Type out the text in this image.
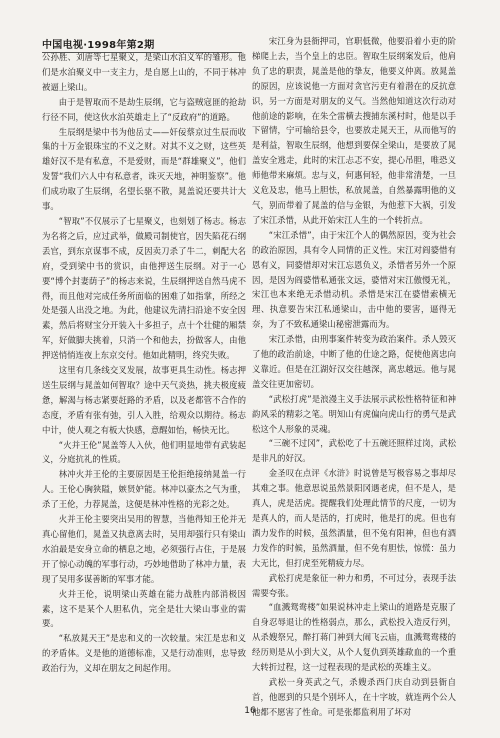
中国电视·1998年第2期

公孙胜、刘唐等七星聚义，是梁山水泊义军的雏形。他们是水泊聚义中一支主力，是自愿上山的，不同于林冲被逼上梁山。

由于是智取而不是劫生辰纲，它与盗贼寇匪的抢劫行径不同，使这伙水泊英雄走上了“反政府”的道路。

生辰纲是梁中书为他岳丈——奸佞蔡京过生辰而收集的十万金银珠宝的不义之财。对其不义之财，这些英雄好汉不是有私意，不是爱财，而是“群雄聚义”，他们发誓“我们六人中有私意者，诛灭天地，神明鉴察”。他们成功取了生辰纲，名望长驱不散，晁盖说还要共计大事。

“智取”不仅展示了七星聚义，也刻划了杨志。杨志为名将之后，应过武举，做殿司制使官，因失陷花石纲丢官，到东京谋事不成，反因卖刀杀了牛二，刺配大名府，受到梁中书的赏识，由他押送生辰纲。对于一心要“博个封妻荫子”的杨志来说，生辰纲押送自然马虎不得，而且他对完成任务所面临的困难了如指掌，所经之处是强人出没之地。为此，他建议先清扫沿途不安全因素，然后将财宝分开装入十多担子，点十个壮健的厢禁军，好做脚夫挑着，只消一个和他去，扮做客人，由他押送悄悄连夜上东京交付。他如此精明，终究失败。

这里有几条线交叉发展，故事更具生动性。杨志押送生辰纲与晁盖如何智取？途中天气炎热，挑夫极度疲惫，解渴与杨志紧要赶路的矛盾，以及老都管不合作的态度，矛盾有张有弛，引人入胜，给观众以期待。杨志中计，使人观之有板大快感，意醒如怡，畅快无比。

“火并王伦”晁盖等人入伙，他们明显地带有武装起义，分庭抗礼的性质。

林冲火并王伦的主要原因是王伦拒绝接纳晁盖一行人。王伦心胸狭隘，嫉贤妒能。林冲以豪杰之气为重，杀了王伦，力荐晁盖，这便是林冲性格的光彩之处。

火并王伦主要突出吴用的智慧，当他得知王伦并无真心留他们，晁盖又执意离去时，吴用却强行只有梁山水泊最是安身立命的栖息之地，必须强行占住，于是展开了惊心动魄的军事行动，巧妙地借助了林冲力量，表现了吴用多谋善断的军事才能。

火并王伦，说明梁山英雄在能力战胜内部消极因素，这不是某个人胆私仇，完全是壮大梁山事业的需要。

“私放晁天王”是忠和义的一次较量。宋江是忠和义的矛盾体。义是他的道德标准，又是行动准则，忠导致政治行为，义却在朋友之间起作用。

宋江身为县衙押司，官职低微，他要沿着小吏的阶梯爬上去，当个皇上的忠臣。智取生辰纲案发后，他肩负了忠的职责，晁盖是他的挚友，他要义仲离。放晁盖的原因，应该说他一方面对贪官污吏有着潜在的反抗意识，另一方面是对朋友的义气。当然他知道这次行动对他前途的影响，在朱仝雷横去搜捕东溪村时，他是以手下留情，宁可输给县令，也要放走晁天王，从而他写的是利益，智取生辰纲，他想到要保全梁山，是要放了晁盖安全逃走，此时的宋江忐忑不安，提心吊胆，唯恐义师他带来麻烦。忠与义，何惠何轻，他非常清楚，一旦义危及忠，他马上胆怯，私放晁盖，自然暴露明他的义气，别而带着了晁盖的信与金银，为他惹下大祸，引发了宋江杀惜，从此开始宋江人生的一个转折点。

“宋江杀惜”，由于宋江个人的偶然原因，变为社会的政治原因，具有令人同情的正义性。宋江对阎婆惜有恩有义，同婆惜却对宋江忘恩负义，杀惜者另外一个原因，是因为阎婆惜私通张文远，婆惜对宋江傲慢无礼，宋江也本来绝无杀惜动机。杀惜是宋江在婆惜索横无理、执意要告宋江私通梁山，击中他的要害，逼得无奈，为了不致私通梁山秘密泄露而为。

宋江杀惜，由刑事案件转变为政治案件。杀人毁灭了他的政治前途，中断了他的仕途之路，促使他离忠向义靠近。但是在江湖好汉交往越深，离忠越远。他与晁盖交往更加密切。

“武松打虎”是浪漫主义手法展示武松性格特征和神韵风采的精彩之笔。明知山有虎偏向虎山行的勇气是武松这个人形象的灵魂。

“三碗不过冈”，武松吃了十五碗还照样过岗，武松是非凡的好汉。

金圣叹在点评《水浒》时说曾是写极容易之事却尽其难之事。他意思说虽然景阳冈遇老虎，但不是人，是真人，虎是活虎。提醒我们处理此情节的尺度，一切为是真人的，而人是活的，打虎时，他是打的虎。但也有酒力发作的时候，虽然酒量，但不兔有阳神，但也有酒力发作的时候，虽然酒量，但不免有胆怯，惊慌：虽力大无比，但打虎至死精疲力尽。

武松打虎是象征一种力和勇，不可过分，表现手法需要夸张。

“血溅鸳鸯楼”如果说林冲走上梁山的道路是克服了自身忍辱退让的性格弱点，那么，武松投入造反行列，从杀嫂祭兄，醉打蒋门神到大闹飞云庙，血溅鸳鸯楼的经历则是从小到大义，从个人复仇到英雄歃血的一个重大转折过程，这一过程表现的是武松的英雄主义。

武松一身英武之气，杀嫂杀西门庆自动到县衙自首，他愿到的只是个别坏人，在十字坡，就连两个公人他都不愿害了性命。可是张都监利用了坏对

16
